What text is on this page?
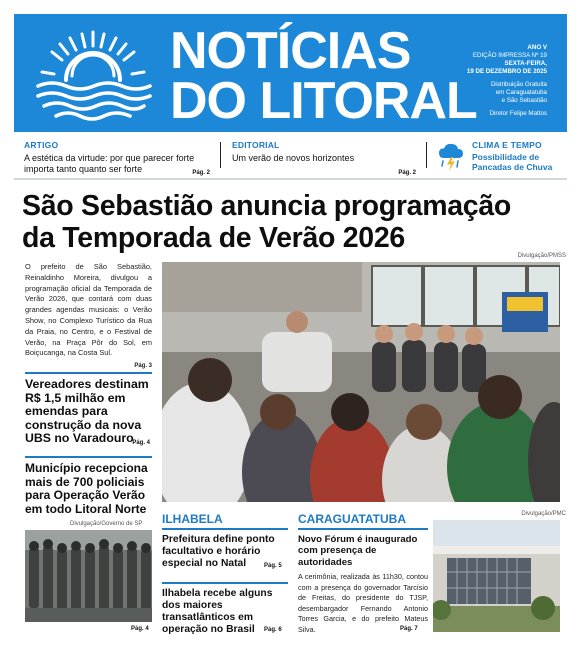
NOTÍCIAS
DO LITORAL
ANO V
EDIÇÃO IMPRESSA Nº 19
SEXTA-FEIRA,
19 DE DEZEMBRO DE 2025
Distribuição Gratuita
em Caraguatatuba
e São Sebastião
Diretor Felipe Mattos
ARTIGO
A estética da virtude: por que parecer forte importa tanto quanto ser forte	Pág. 2
EDITORIAL
Um verão de novos horizontes
Pág. 2
CLIMA E TEMPO
Possibilidade de
Pancadas de Chuva
São Sebastião anuncia programação
da Temporada de Verão 2026
O prefeito de São Sebastião, Reinaldinho Moreira, divulgou a programação oficial da Temporada de Verão 2026, que contará com duas grandes agendas musicais: o Verão Show, no Complexo Turístico da Rua da Praia, no Centro, e o Festival de Verão, na Praça Pôr do Sol, em Boiçucanga, na Costa Sul.
Pág. 3
Vereadores destinam R$ 1,5 milhão em emendas para construção da nova UBS no Varadouro
Pág. 4
Município recepciona mais de 700 policiais para Operação Verão em todo Litoral Norte
Divulgação/Governo de SP
Pág. 4
Divulgação/PMSS
ILHABELA
Prefeitura define ponto facultativo e horário especial no Natal	Pág. 5
Ilhabela recebe alguns dos maiores transatlânticos em operação no Brasil	Pág. 6
CARAGUATATUBA
Novo Fórum é inaugurado com presença de autoridades

A cerimônia, realizada às 11h30, contou com a presença do governador Tarcísio de Freitas, do presidente do TJSP, desembargador Fernando Antonio Torres Garcia, e do prefeito Mateus Silva.	Pág. 7
Divulgação/PMC
